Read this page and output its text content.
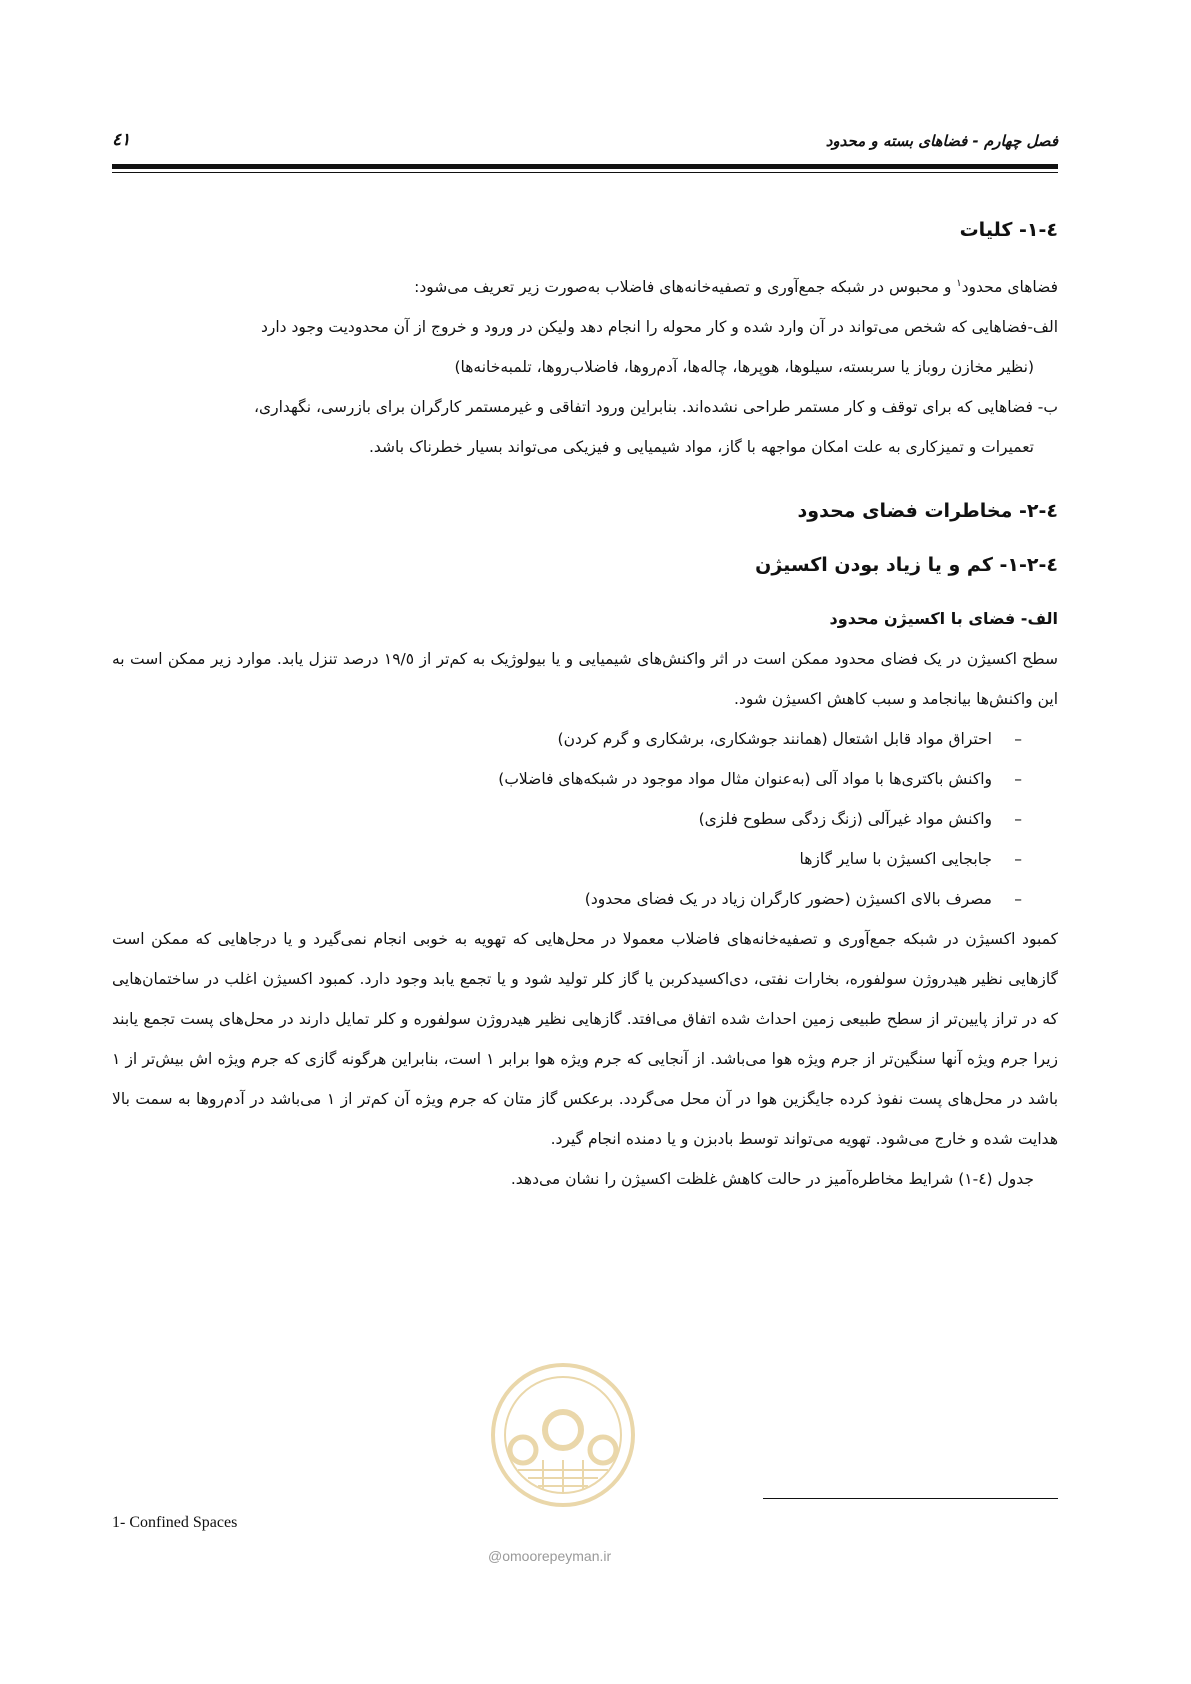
فصل چهارم - فضاهای بسته و محدود
٤١
٤-١- کلیات

فضاهای محدود$^١$ و محبوس در شبکه جمع‌آوری و تصفیه‌خانه‌های فاضلاب به‌صورت زیر تعریف می‌شود:

الف-فضاهایی که شخص می‌تواند در آن وارد شده و کار محوله را انجام دهد ولیکن در ورود و خروج از آن محدودیت وجود دارد

(نظیر مخازن روباز یا سربسته، سیلوها، هوپرها، چاله‌ها، آدم‌روها، فاضلاب‌روها، تلمبه‌خانه‌ها)

ب- فضاهایی که برای توقف و کار مستمر طراحی نشده‌اند. بنابراین ورود اتفاقی و غیرمستمر کارگران برای بازرسی، نگهداری،

تعمیرات و تمیزکاری به علت امکان مواجهه با گاز، مواد شیمیایی و فیزیکی می‌تواند بسیار خطرناک باشد.

٤-٢- مخاطرات فضای محدود
٤-٢-١- کم و یا زیاد بودن اکسیژن
الف- فضای با اکسیژن محدود

سطح اکسیژن در یک فضای محدود ممکن است در اثر واکنش‌های شیمیایی و یا بیولوژیک به کم‌تر از ١٩/٥ درصد تنزل یابد. موارد زیر ممکن است به این واکنش‌ها بیانجامد و سبب کاهش اکسیژن شود.

–احتراق مواد قابل اشتعال (همانند جوشکاری، برشکاری و گرم کردن)
–واکنش باکتری‌ها با مواد آلی (به‌عنوان مثال مواد موجود در شبکه‌های فاضلاب)
–واکنش مواد غیرآلی (زنگ زدگی سطوح فلزی)
–جابجایی اکسیژن با سایر گازها
–مصرف بالای اکسیژن (حضور کارگران زیاد در یک فضای محدود)

کمبود اکسیژن در شبکه جمع‌آوری و تصفیه‌خانه‌های فاضلاب معمولا در محل‌هایی که تهویه به خوبی انجام نمی‌گیرد و یا درجاهایی که ممکن است گازهایی نظیر هیدروژن سولفوره، بخارات نفتی، دی‌اکسیدکربن یا گاز کلر تولید شود و یا تجمع یابد وجود دارد. کمبود اکسیژن اغلب در ساختمان‌هایی که در تراز پایین‌تر از سطح طبیعی زمین احداث شده اتفاق می‌افتد. گازهایی نظیر هیدروژن سولفوره و کلر تمایل دارند در محل‌های پست تجمع یابند زیرا جرم ویژه آنها سنگین‌تر از جرم ویژه هوا می‌باشد. از آنجایی که جرم ویژه هوا برابر ١ است، بنابراین هرگونه گازی که جرم ویژه اش بیش‌تر از ١ باشد در محل‌های پست نفوذ کرده جایگزین هوا در آن محل می‌گردد. برعکس گاز متان که جرم ویژه آن کم‌تر از ١ می‌باشد در آدم‌روها به سمت بالا هدایت شده و خارج می‌شود. تهویه می‌تواند توسط بادبزن و یا دمنده انجام گیرد.

جدول (٤-١) شرایط مخاطره‌آمیز در حالت کاهش غلظت اکسیژن را نشان می‌دهد.

@omoorepeyman.ir
1- Confined Spaces
